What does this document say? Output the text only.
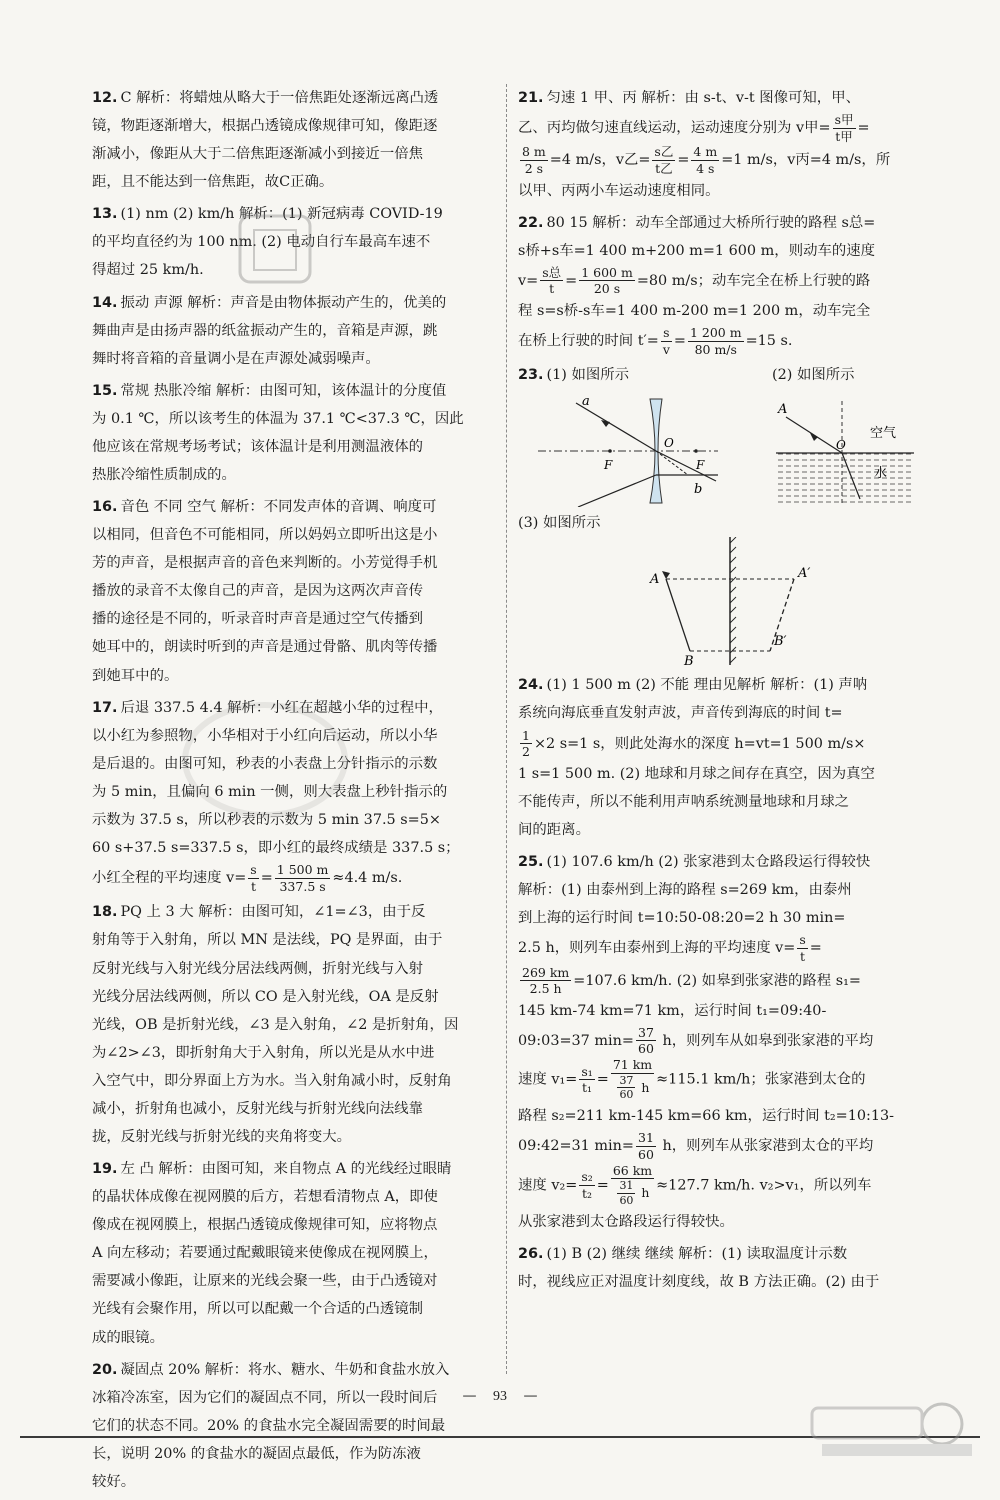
12. C 解析：将蜡烛从略大于一倍焦距处逐渐远离凸透
镜，物距逐渐增大，根据凸透镜成像规律可知，像距逐
渐减小，像距从大于二倍焦距逐渐减小到接近一倍焦
距，且不能达到一倍焦距，故C正确。
13. (1) nm (2) km/h 解析：(1) 新冠病毒 COVID-19
的平均直径约为 100 nm. (2) 电动自行车最高车速不
得超过 25 km/h.
14. 振动 声源 解析：声音是由物体振动产生的，优美的
舞曲声是由扬声器的纸盆振动产生的，音箱是声源，跳
舞时将音箱的音量调小是在声源处减弱噪声。
15. 常规 热胀冷缩 解析：由图可知，该体温计的分度值
为 0.1 ℃，所以该考生的体温为 37.1 ℃<37.3 ℃，因此
他应该在常规考场考试；该体温计是利用测温液体的
热胀冷缩性质制成的。
16. 音色 不同 空气 解析：不同发声体的音调、响度可
以相同，但音色不可能相同，所以妈妈立即听出这是小
芳的声音，是根据声音的音色来判断的。小芳觉得手机
播放的录音不太像自己的声音，是因为这两次声音传
播的途径是不同的，听录音时声音是通过空气传播到
她耳中的，朗读时听到的声音是通过骨骼、肌肉等传播
到她耳中的。
17. 后退 337.5 4.4 解析：小红在超越小华的过程中，
以小红为参照物，小华相对于小红向后运动，所以小华
是后退的。由图可知，秒表的小表盘上分针指示的示数
为 5 min，且偏向 6 min 一侧，则大表盘上秒针指示的
示数为 37.5 s，所以秒表的示数为 5 min 37.5 s=5×
60 s+37.5 s=337.5 s，即小红的最终成绩是 337.5 s；
小红全程的平均速度 $v= \frac{s}{t} = \frac{1 500 m}{337.5 s} \approx 4.4$ m/s.
18. PQ 上 3 大 解析：由图可知，∠1=∠3，由于反
射角等于入射角，所以 MN 是法线，PQ 是界面，由于
反射光线与入射光线分居法线两侧，折射光线与入射
光线分居法线两侧，所以 CO 是入射光线，OA 是反射
光线，OB 是折射光线，∠3 是入射角，∠2 是折射角，因
为∠2>∠3，即折射角大于入射角，所以光是从水中进
入空气中，即分界面上方为水。当入射角减小时，反射角
减小，折射角也减小，反射光线与折射光线向法线靠
拢，反射光线与折射光线的夹角将变大。
19. 左 凸 解析：由图可知，来自物点 A 的光线经过眼睛
的晶状体成像在视网膜的后方，若想看清物点 A，即使
像成在视网膜上，根据凸透镜成像规律可知，应将物点
A 向左移动；若要通过配戴眼镜来使像成在视网膜上，
需要减小像距，让原来的光线会聚一些，由于凸透镜对
光线有会聚作用，所以可以配戴一个合适的凸透镜制
成的眼镜。
20. 凝固点 20% 解析：将水、糖水、牛奶和食盐水放入
冰箱冷冻室，因为它们的凝固点不同，所以一段时间后
它们的状态不同。20% 的食盐水完全凝固需要的时间最
长，说明 20% 的食盐水的凝固点最低，作为防冻液
较好。
21. 匀速 1 甲、丙 解析：由 s-t、v-t 图像可知，甲、
乙、丙均做匀速直线运动，运动速度分别为 v甲= $\frac{\text{s甲}}{\text{t甲}}$ =
$\frac{8 m}{2 s} =4$ m/s，v乙= $\frac{\text{s乙}}{\text{t乙}} = \frac{4 m}{4 s} =1$ m/s，v丙=4 m/s，所
以甲、丙两小车运动速度相同。
22. 80 15 解析：动车全部通过大桥所行驶的路程 s总=
s桥+s车=1 400 m+200 m=1 600 m，则动车的速度
$v= \frac{\text{s总}}{t} = \frac{1 600 m}{20 s} =80$ m/s；动车完全在桥上行驶的路
程 s=s桥-s车=1 400 m-200 m=1 200 m，动车完全
在桥上行驶的时间 $t'= \frac{s}{v} = \frac{1 200 m}{80 m/s} =15$ s.
23. (1) 如图所示	(2) 如图所示
a
F
O
F
b
A
O
空气
水
(3) 如图所示
A	A′
B
B′
24. (1) 1 500 m (2) 不能 理由见解析 解析：(1) 声呐
系统向海底垂直发射声波，声音传到海底的时间 t=
$\frac{1}{2} \times 2$ s=1 s，则此处海水的深度 h=vt=1 500 m/s×
1 s=1 500 m. (2) 地球和月球之间存在真空，因为真空
不能传声，所以不能利用声呐系统测量地球和月球之
间的距离。
25. (1) 107.6 km/h (2) 张家港到太仓路段运行得较快
解析：(1) 由泰州到上海的路程 s=269 km，由泰州
到上海的运行时间 t=10:50-08:20=2 h 30 min=
2.5 h，则列车由泰州到上海的平均速度 $v= \frac{s}{t}$ =
$\frac{269 km}{2.5 h} =107.6$ km/h. (2) 如皋到张家港的路程 s₁=
145 km-74 km=71 km，运行时间 t₁=09:40-
09:03=37 $\min= \frac{37}{60}$ h，则列车从如皋到张家港的平均
速度 $v_1= \frac{\text{s₁}}{\text{t₁}} = \frac{71 km}{\frac{37}{60} h} \approx 115.1$ km/h；张家港到太仓的
路程 s₂=211 km-145 km=66 km，运行时间 t₂=10:13-
09:42=31 $\min= \frac{31}{60}$ h，则列车从张家港到太仓的平均
速度 $v_2= \frac{\text{s₂}}{\text{t₂}} = \frac{66 km}{\frac{31}{60} h} \approx 127.7$ km/h. v₂>v₁，所以列车
从张家港到太仓路段运行得较快。
26. (1) B (2) 继续 继续 解析：(1) 读取温度计示数
时，视线应正对温度计刻度线，故 B 方法正确。(2) 由于
— 93 —
